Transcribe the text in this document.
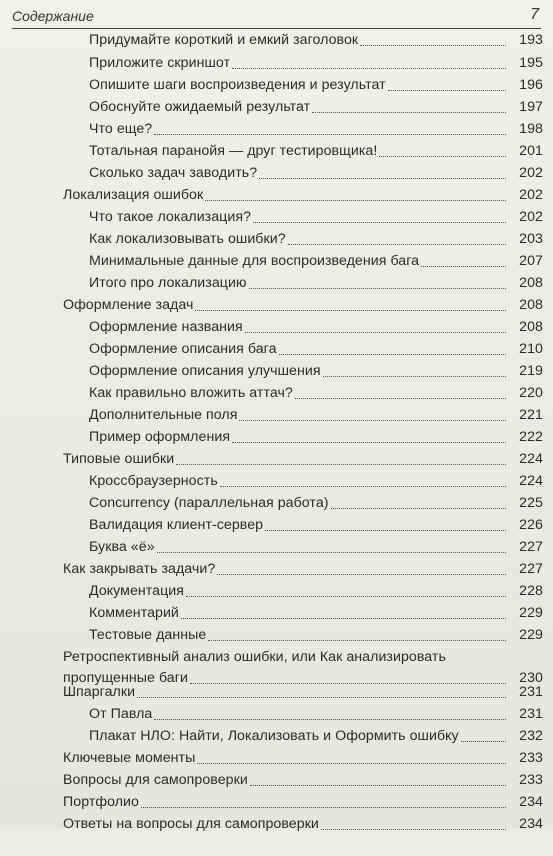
Содержание	7
Придумайте короткий и емкий заголовок	193
Приложите скриншот	195
Опишите шаги воспроизведения и результат	196
Обоснуйте ожидаемый результат	197
Что еще?	198
Тотальная паранойя — друг тестировщика!	201
Сколько задач заводить?	202
Локализация ошибок	202
Что такое локализация?	202
Как локализовывать ошибки?	203
Минимальные данные для воспроизведения бага	207
Итого про локализацию	208
Оформление задач	208
Оформление названия	208
Оформление описания бага	210
Оформление описания улучшения	219
Как правильно вложить аттач?	220
Дополнительные поля	221
Пример оформления	222
Типовые ошибки	224
Кроссбраузерность	224
Concurrency (параллельная работа)	225
Валидация клиент-сервер	226
Буква «ё»	227
Как закрывать задачи?	227
Документация	228
Комментарий	229
Тестовые данные	229
Ретроспективный анализ ошибки, или Как анализировать
пропущенные баги	230
Шпаргалки	231
От Павла	231
Плакат НЛО: Найти, Локализовать и Оформить ошибку	232
Ключевые моменты	233
Вопросы для самопроверки	233
Портфолио	234
Ответы на вопросы для самопроверки	234
